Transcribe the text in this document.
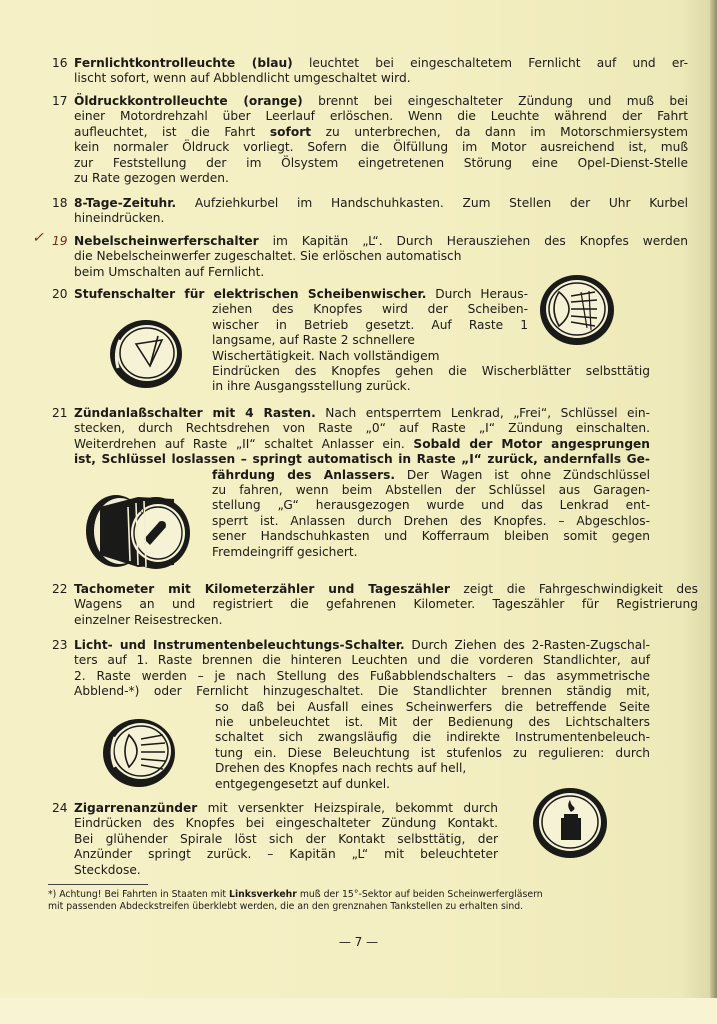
16 Fernlichtkontrolleuchte (blau) leuchtet bei eingeschaltetem Fernlicht auf und er-

lischt sofort, wenn auf Abblendlicht umgeschaltet wird.

17 Öldruckkontrolleuchte (orange) brennt bei eingeschalteter Zündung und muß bei

einer Motordrehzahl über Leerlauf erlöschen. Wenn die Leuchte während der Fahrt

aufleuchtet, ist die Fahrt sofort zu unterbrechen, da dann im Motorschmiersystem

kein normaler Öldruck vorliegt. Sofern die Ölfüllung im Motor ausreichend ist, muß

zur Feststellung der im Ölsystem eingetretenen Störung eine Opel-Dienst-Stelle

zu Rate gezogen werden.

18 8-Tage-Zeituhr. Aufziehkurbel im Handschuhkasten. Zum Stellen der Uhr Kurbel

hineindrücken.

19 Nebelscheinwerferschalter im Kapitän „L“. Durch Herausziehen des Knopfes werden

die Nebelscheinwerfer zugeschaltet. Sie erlöschen automatisch

beim Umschalten auf Fernlicht.

20 Stufenschalter für elektrischen Scheibenwischer. Durch Heraus-

ziehen des Knopfes wird der Scheiben-

wischer in Betrieb gesetzt. Auf Raste 1

langsame, auf Raste 2 schnellere

Wischertätigkeit. Nach vollständigem

Eindrücken des Knopfes gehen die Wischerblätter selbsttätig

in ihre Ausgangsstellung zurück.

21 Zündanlaßschalter mit 4 Rasten. Nach entsperrtem Lenkrad, „Frei“, Schlüssel ein-

stecken, durch Rechtsdrehen von Raste „0“ auf Raste „I“ Zündung einschalten.

Weiterdrehen auf Raste „II“ schaltet Anlasser ein. Sobald der Motor angesprungen

ist, Schlüssel loslassen – springt automatisch in Raste „I“ zurück, andernfalls Ge-

fährdung des Anlassers. Der Wagen ist ohne Zündschlüssel

zu fahren, wenn beim Abstellen der Schlüssel aus Garagen-

stellung „G“ herausgezogen wurde und das Lenkrad ent-

sperrt ist. Anlassen durch Drehen des Knopfes. – Abgeschlos-

sener Handschuhkasten und Kofferraum bleiben somit gegen

Fremdeingriff gesichert.

22 Tachometer mit Kilometerzähler und Tageszähler zeigt die Fahrgeschwindigkeit des

Wagens an und registriert die gefahrenen Kilometer. Tageszähler für Registrierung

einzelner Reisestrecken.

23 Licht- und Instrumentenbeleuchtungs-Schalter. Durch Ziehen des 2-Rasten-Zugschal-

ters auf 1. Raste brennen die hinteren Leuchten und die vorderen Standlichter, auf

2. Raste werden – je nach Stellung des Fußabblendschalters – das asymmetrische

Abblend-*) oder Fernlicht hinzugeschaltet. Die Standlichter brennen ständig mit,

so daß bei Ausfall eines Scheinwerfers die betreffende Seite

nie unbeleuchtet ist. Mit der Bedienung des Lichtschalters

schaltet sich zwangsläufig die indirekte Instrumentenbeleuch-

tung ein. Diese Beleuchtung ist stufenlos zu regulieren: durch

Drehen des Knopfes nach rechts auf hell,

entgegengesetzt auf dunkel.

24 Zigarrenanzünder mit versenkter Heizspirale, bekommt durch

Eindrücken des Knopfes bei eingeschalteter Zündung Kontakt.

Bei glühender Spirale löst sich der Kontakt selbsttätig, der

Anzünder springt zurück. – Kapitän „L“ mit beleuchteter

Steckdose.

✓
0

*) Achtung! Bei Fahrten in Staaten mit Linksverkehr muß der 15°-Sektor auf beiden Scheinwerfergläsern

mit passenden Abdeckstreifen überklebt werden, die an den grenznahen Tankstellen zu erhalten sind.

— 7 —
